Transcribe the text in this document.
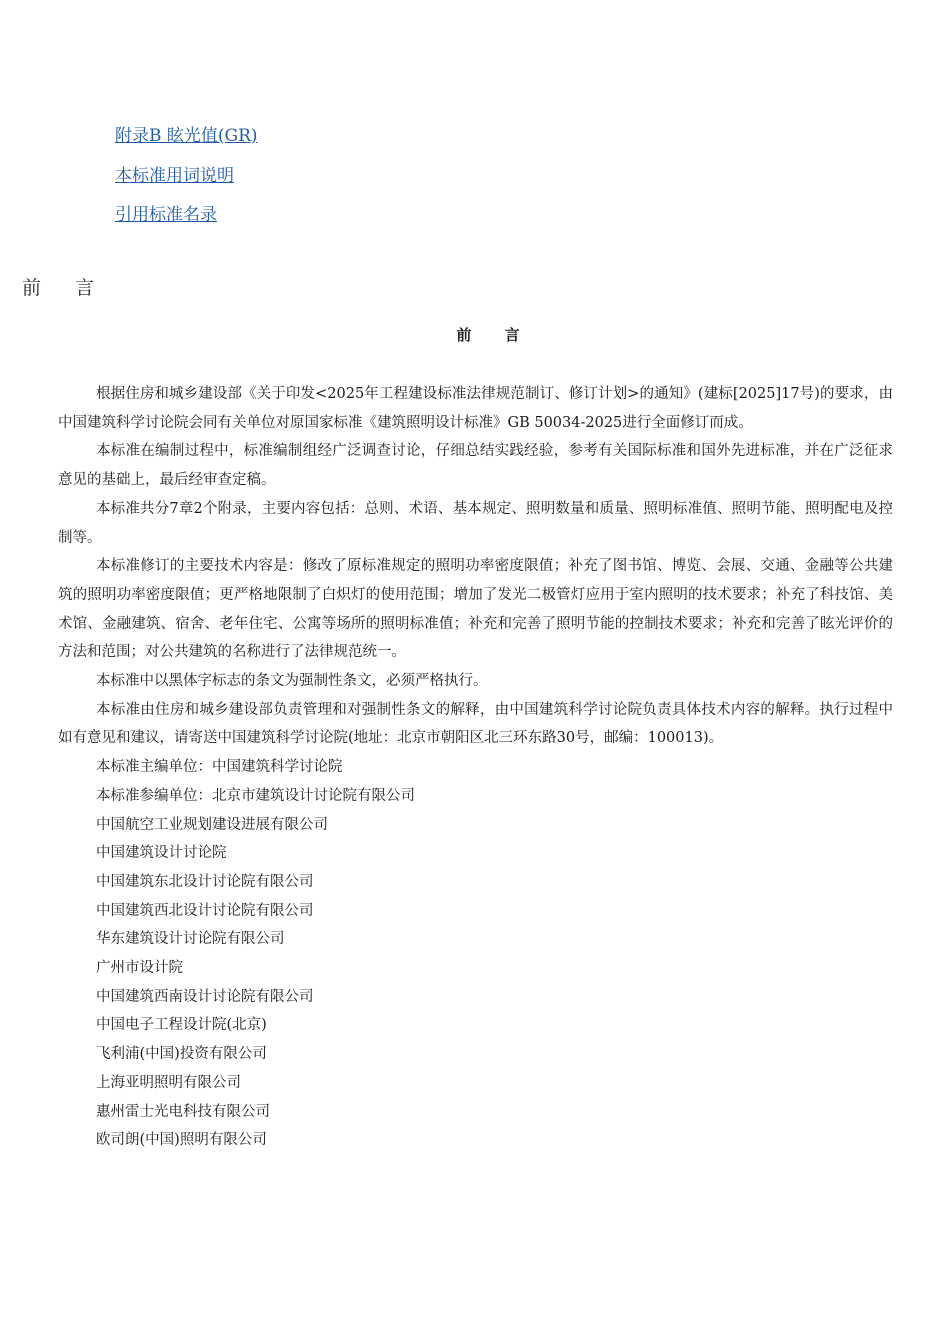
附录B 眩光值(GR)
本标准用词说明
引用标准名录
前 言
前 言

根据住房和城乡建设部《关于印发<2025年工程建设标准法律规范制订、修订计划>的通知》(建标[2025]17号)的要求，由中国建筑科学讨论院会同有关单位对原国家标准《建筑照明设计标准》GB 50034-2025进行全面修订而成。

本标准在编制过程中，标准编制组经广泛调查讨论，仔细总结实践经验，参考有关国际标准和国外先进标准，并在广泛征求意见的基础上，最后经审查定稿。

本标准共分7章2个附录，主要内容包括：总则、术语、基本规定、照明数量和质量、照明标准值、照明节能、照明配电及控制等。

本标准修订的主要技术内容是：修改了原标准规定的照明功率密度限值；补充了图书馆、博览、会展、交通、金融等公共建筑的照明功率密度限值；更严格地限制了白炽灯的使用范围；增加了发光二极管灯应用于室内照明的技术要求；补充了科技馆、美术馆、金融建筑、宿舍、老年住宅、公寓等场所的照明标准值；补充和完善了照明节能的控制技术要求；补充和完善了眩光评价的方法和范围；对公共建筑的名称进行了法律规范统一。

本标准中以黑体字标志的条文为强制性条文，必须严格执行。

本标准由住房和城乡建设部负责管理和对强制性条文的解释，由中国建筑科学讨论院负责具体技术内容的解释。执行过程中如有意见和建议，请寄送中国建筑科学讨论院(地址：北京市朝阳区北三环东路30号，邮编：100013)。

本标准主编单位：中国建筑科学讨论院

本标准参编单位：北京市建筑设计讨论院有限公司

中国航空工业规划建设进展有限公司

中国建筑设计讨论院

中国建筑东北设计讨论院有限公司

中国建筑西北设计讨论院有限公司

华东建筑设计讨论院有限公司

广州市设计院

中国建筑西南设计讨论院有限公司

中国电子工程设计院(北京)

飞利浦(中国)投资有限公司

上海亚明照明有限公司

惠州雷士光电科技有限公司

欧司朗(中国)照明有限公司
